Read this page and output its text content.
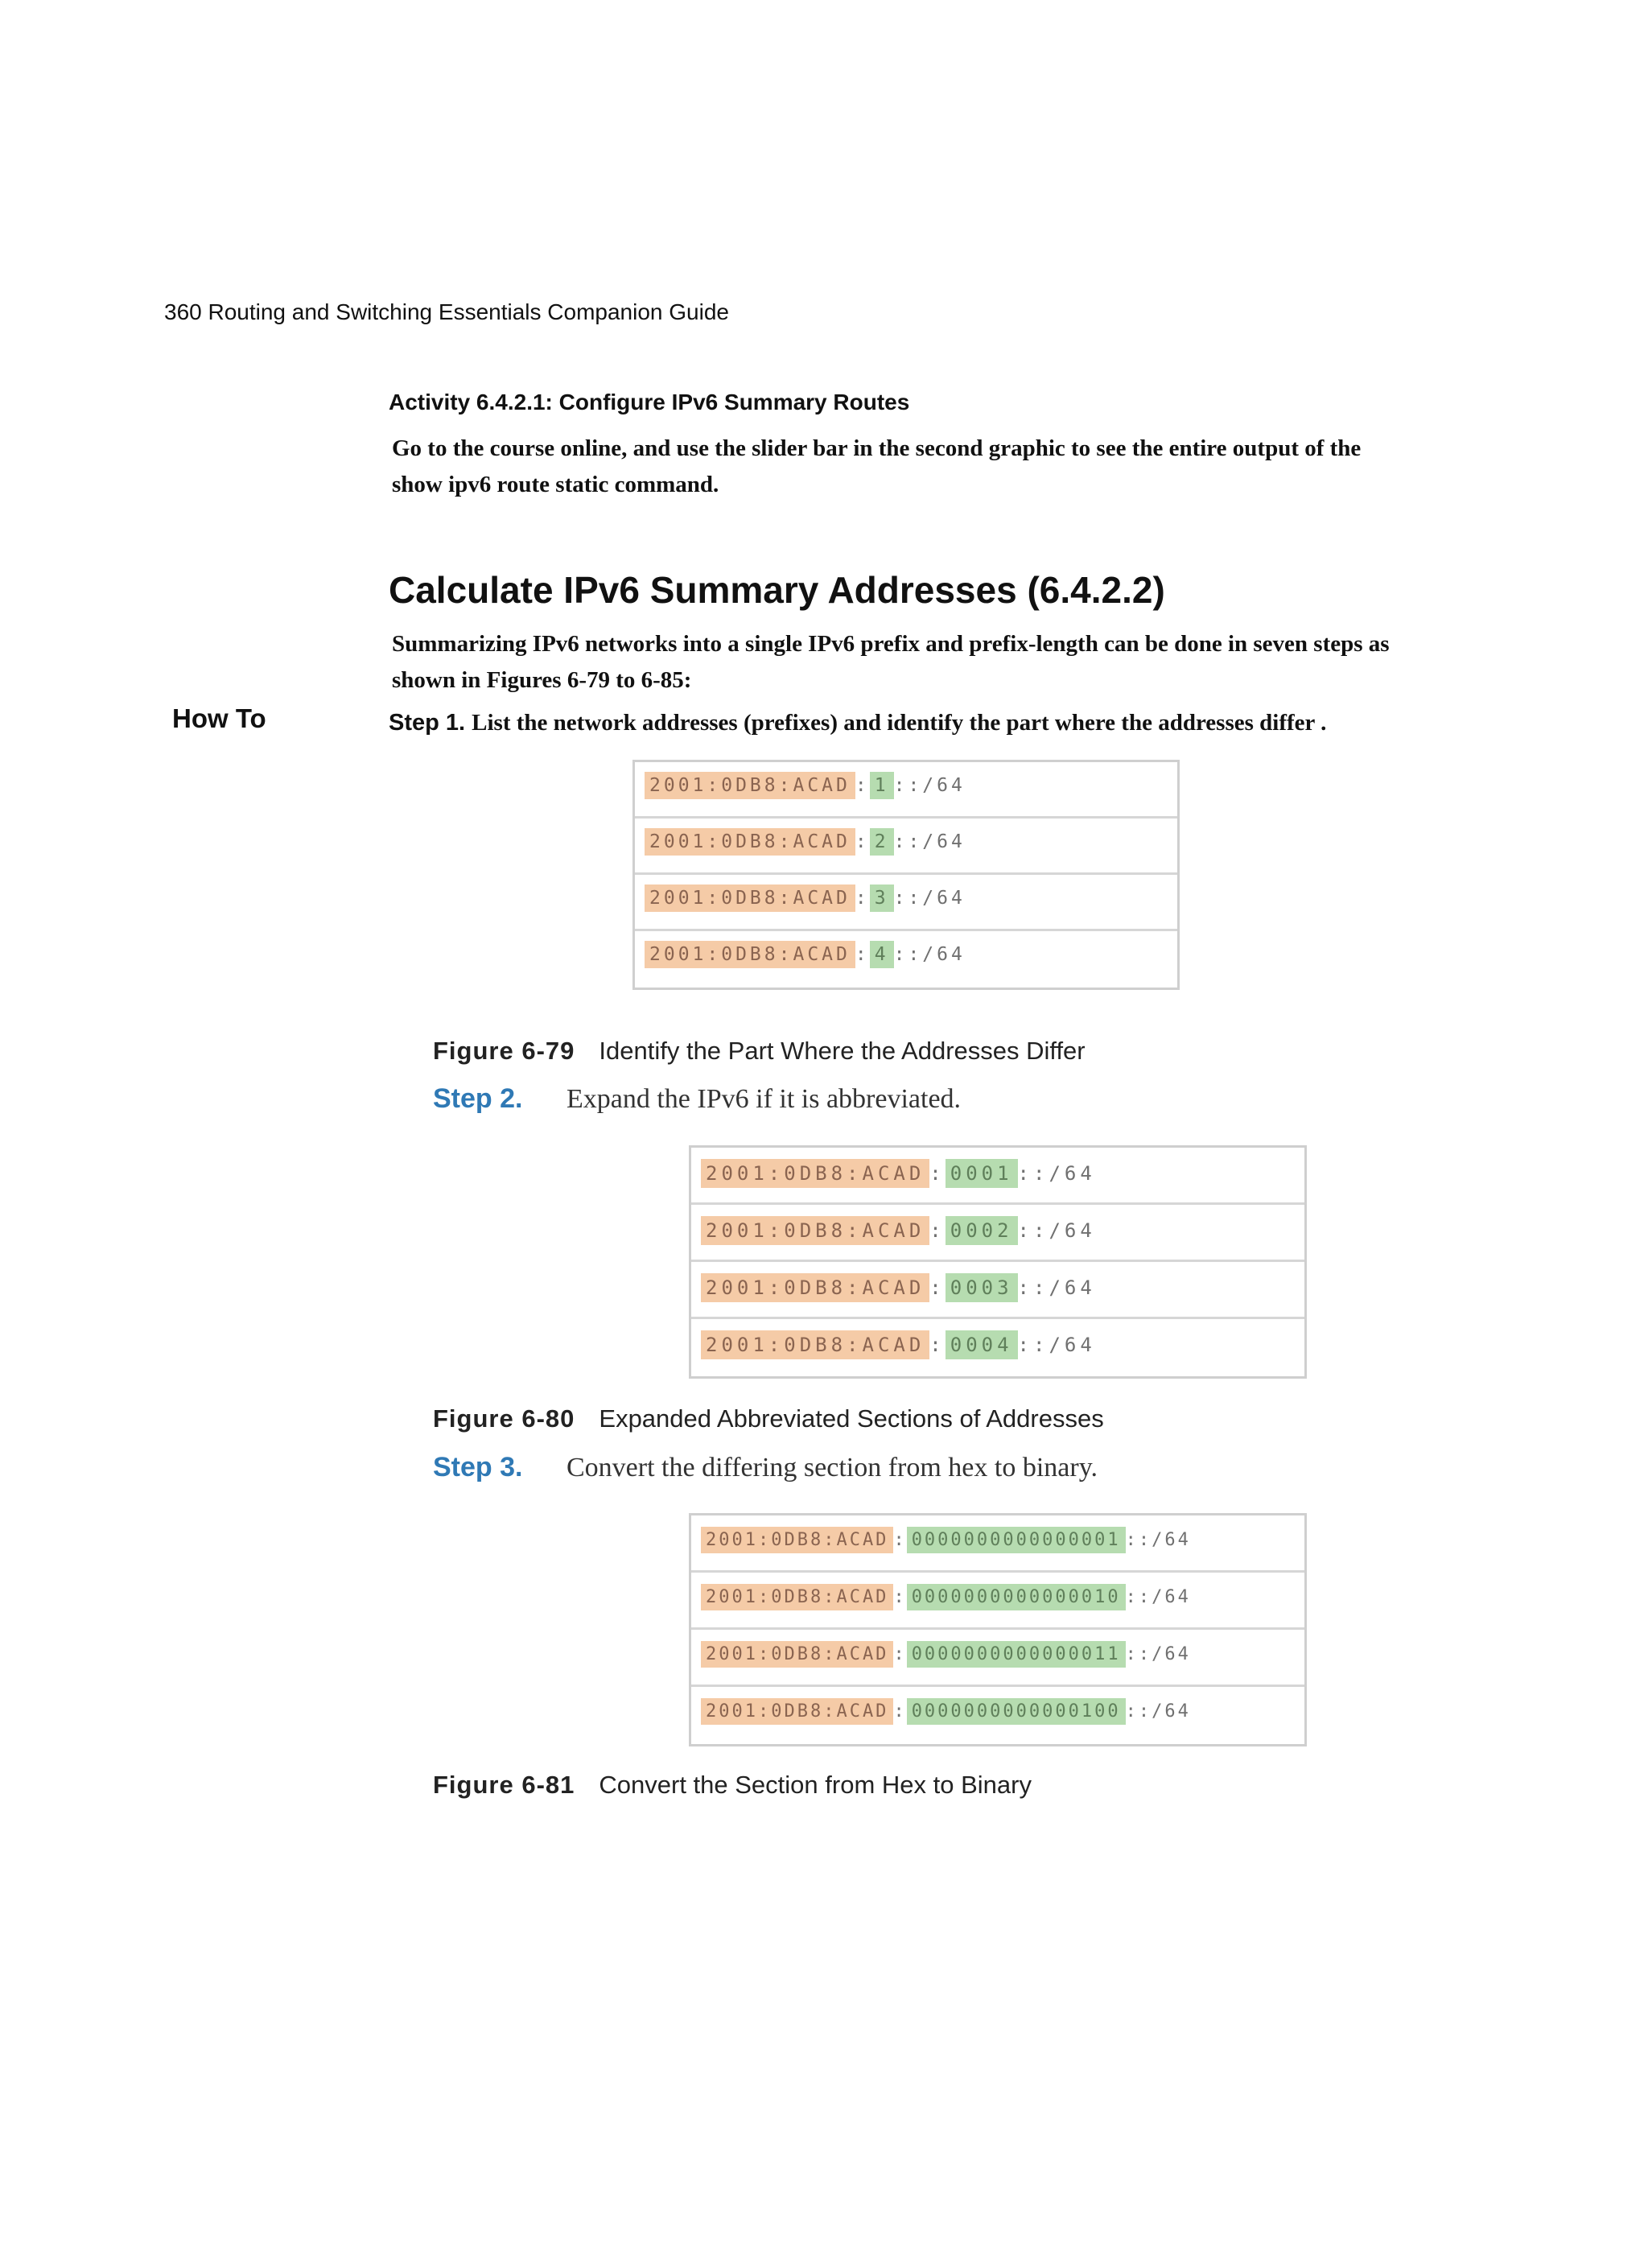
360 Routing and Switching Essentials Companion Guide
Activity 6.4.2.1: Configure IPv6 Summary Routes
Go to the course online, and use the slider bar in the second graphic to see the entire output of the show ipv6 route static command.
Calculate IPv6 Summary Addresses (6.4.2.2)
Summarizing IPv6 networks into a single IPv6 prefix and prefix-length can be done in seven steps as shown in Figures 6-79 to 6-85:
How To	Step 1. List the network addresses (prefixes) and identify the part where the addresses differ .
2001:0DB8:ACAD : 1 ::/64
2001:0DB8:ACAD : 2 ::/64
2001:0DB8:ACAD : 3 ::/64
2001:0DB8:ACAD : 4 ::/64
Figure 6-79 Identify the Part Where the Addresses Differ
Step 2. Expand the IPv6 if it is abbreviated.
2001:0DB8:ACAD : 0001 ::/64
2001:0DB8:ACAD : 0002 ::/64
2001:0DB8:ACAD : 0003 ::/64
2001:0DB8:ACAD : 0004 ::/64
Figure 6-80 Expanded Abbreviated Sections of Addresses
Step 3. Convert the differing section from hex to binary.
2001:0DB8:ACAD : 0000000000000001 ::/64
2001:0DB8:ACAD : 0000000000000010 ::/64
2001:0DB8:ACAD : 0000000000000011 ::/64
2001:0DB8:ACAD : 0000000000000100 ::/64
Figure 6-81 Convert the Section from Hex to Binary
